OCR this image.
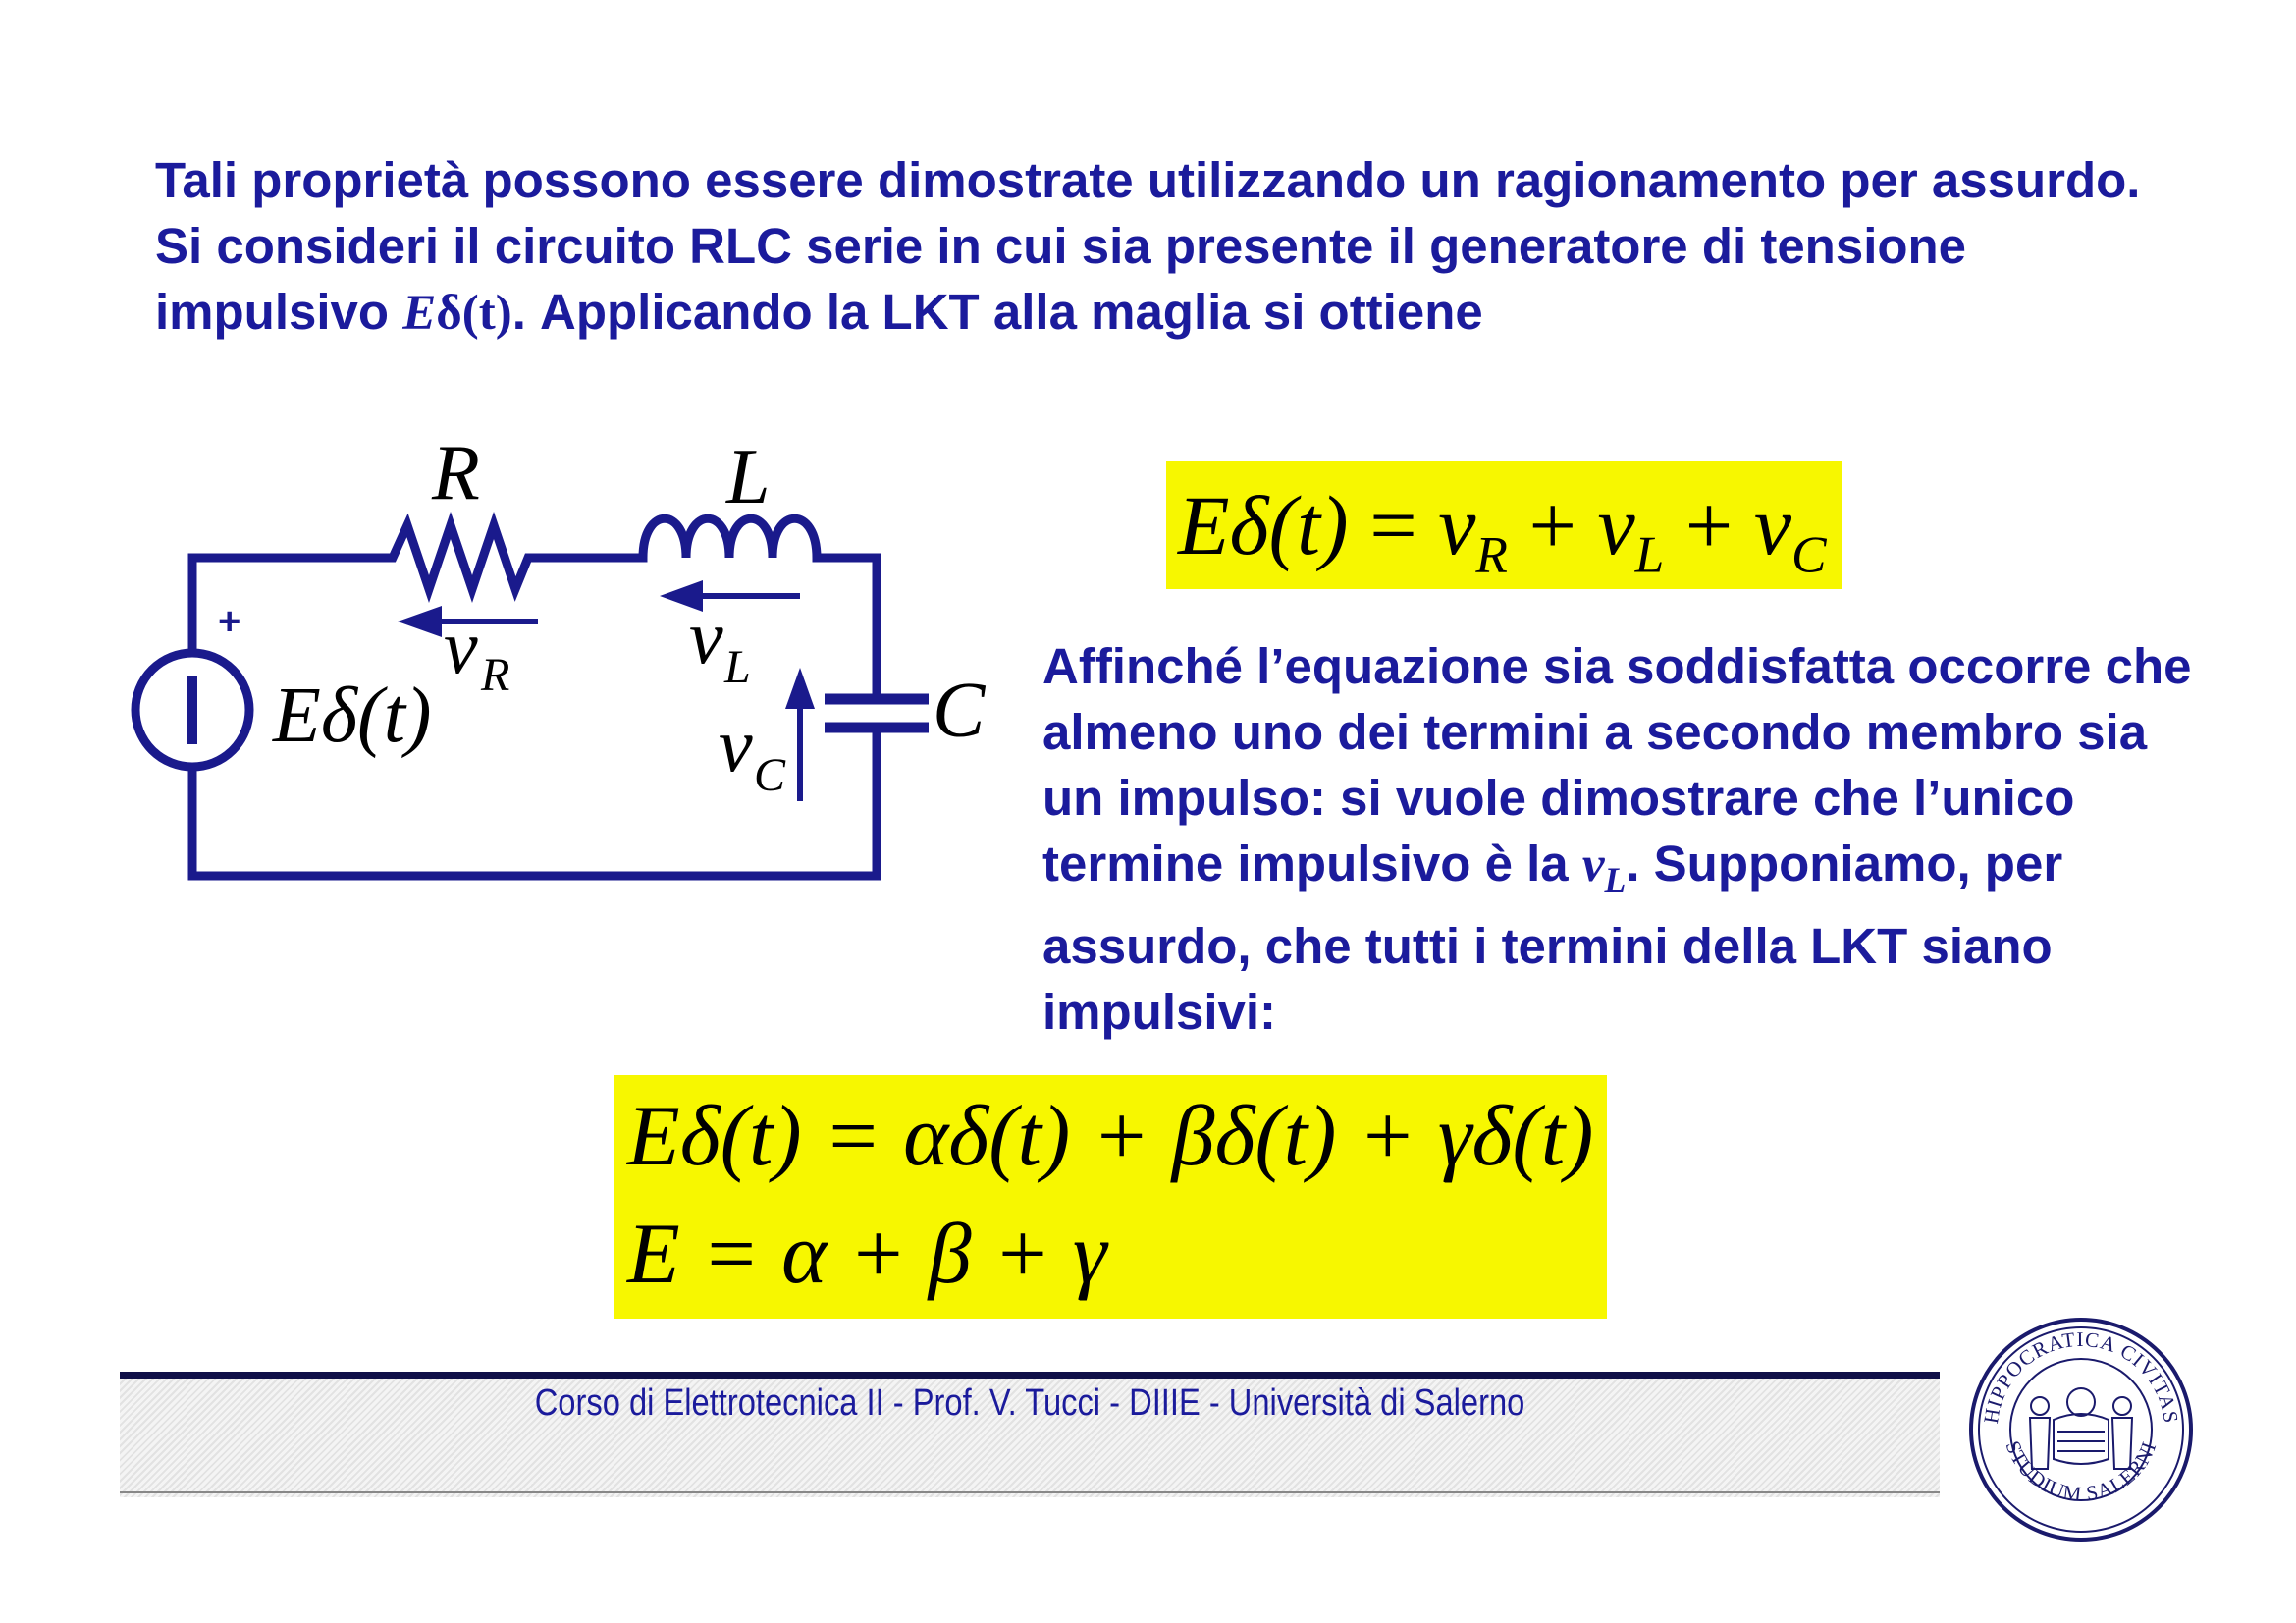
Tali proprietà possono essere dimostrate utilizzando un ragionamento per assurdo.

Si consideri il circuito RLC serie in cui sia presente il generatore di tensione impulsivo Eδ(t). Applicando la LKT alla maglia si ottiene

+
R	L
C
Eδ(t)
v R v L
v C
$E\delta(t) = v_R + v_L + v_C$

Affinché l’equazione sia soddisfatta occorre che almeno uno dei termini a secondo membro sia un impulso: si vuole dimostrare che l’unico termine impulsivo è la $v_L$. Supponiamo, per assurdo, che tutti i termini della LKT siano impulsivi:

Eδ(t) = αδ(t) + βδ(t) + γδ(t)
E = α + β + γ
Corso di Elettrotecnica II - Prof. V. Tucci - DIIIE - Università di Salerno	HIPPOCRATICA CIVITAS
STUDIUM SALERNI
